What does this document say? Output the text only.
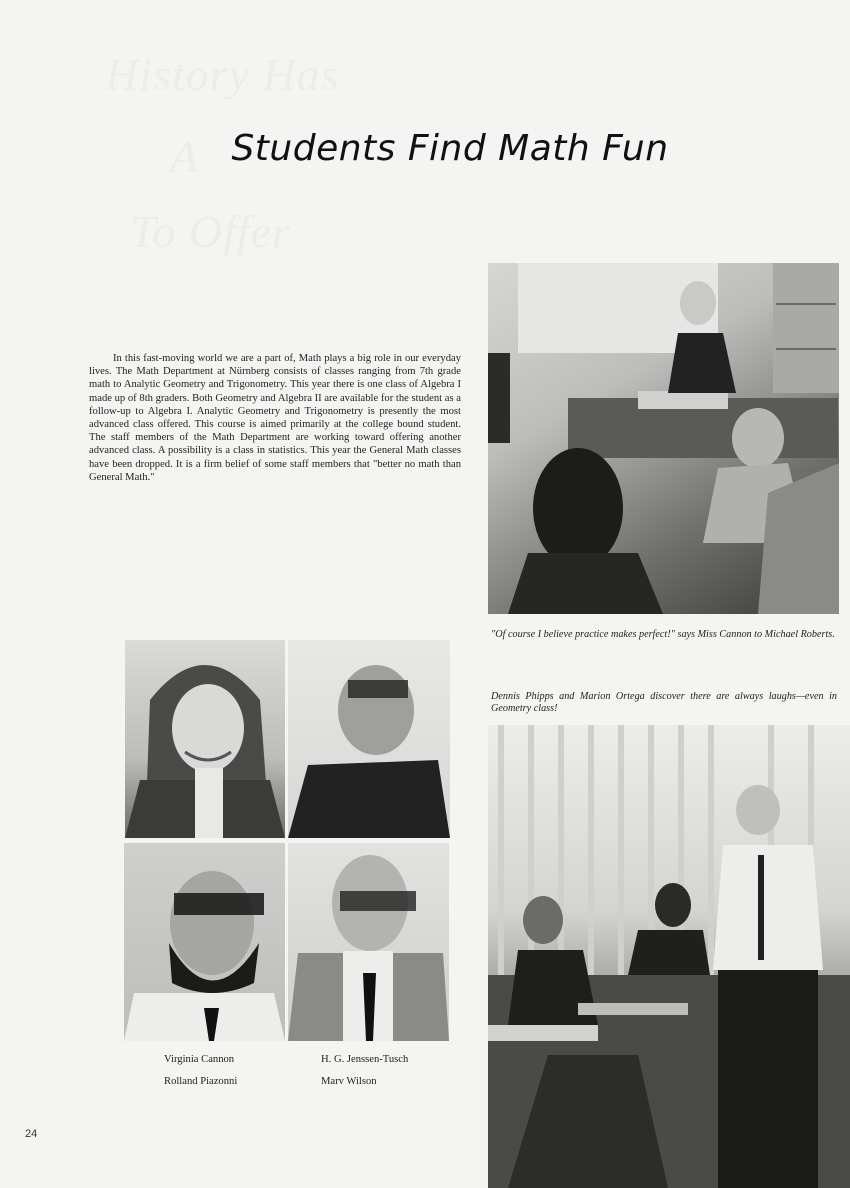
History Has
A
To Offer
Students Find Math Fun

In this fast-moving world we are a part of, Math plays a big role in our everyday lives. The Math Department at Nürnberg consists of classes ranging from 7th grade math to Analytic Geometry and Trigonometry. This year there is one class of Algebra I made up of 8th graders. Both Geometry and Algebra II are available for the student as a follow-up to Algebra I. Analytic Geometry and Trigonometry is presently the most advanced class offered. This course is aimed primarily at the college bound student. The staff members of the Math Department are working toward offering another advanced class. A possibility is a class in statistics. This year the General Math classes have been dropped. It is a firm belief of some staff members that "better no math than General Math."

"Of course I believe practice makes perfect!" says Miss Cannon to Michael Roberts.
Dennis Phipps and Marion Ortega discover there are always laughs—even in Geometry class!
Virginia Cannon	H. G. Jenssen-Tusch
Rolland Piazonni	Marv Wilson
24
